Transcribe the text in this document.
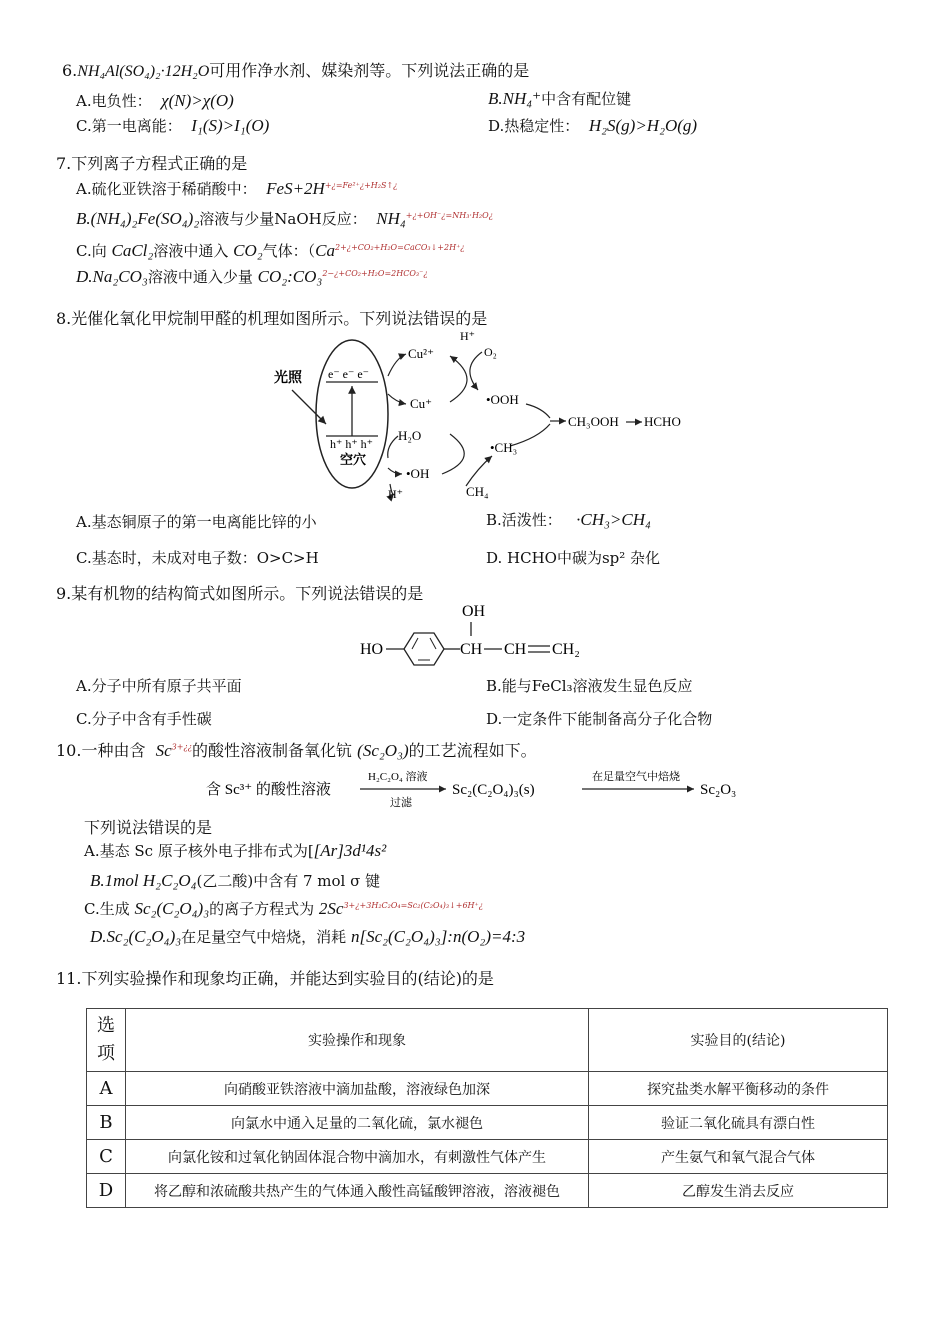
6.NH₄Al(SO₄)₂·12H₂O可用作净水剂、媒染剂等。下列说法正确的是
A.电负性： χ(N)>χ(O)	B.NH₄⁺中含有配位键
C.第一电离能： I₁(S)>I₁(O)	D.热稳定性： H₂S(g)>H₂O(g)
7.下列离子方程式正确的是
A.硫化亚铁溶于稀硝酸中： $FeS+2H^{+¿=Fe^{2+}¿+H_2S↑¿}$
B.(NH₄)₂Fe(SO₄)₂溶液与少量NaOH反应： NH₄$^{+¿+OH^-¿=NH_3\cdot H_2O¿}$
C.向 CaCl₂溶液中通入 CO₂气体：（$Ca^{2+¿+CO_2+H_2O=CaCO_3↓+2H^+¿}$
D.Na₂CO₃溶液中通入少量 CO₂:CO₃$^{2-¿+CO_2+H_2O=2HCO_3^-¿}$
8.光催化氧化甲烷制甲醛的机理如图所示。下列说法错误的是
e⁻ e⁻ e⁻
h⁺ h⁺ h⁺
空穴
光照
Cu²⁺
Cu⁺
H⁺
O₂
•OOH
CH₃OOH HCHO
H₂O
•OH
H⁺
•CH₃
CH₄
A.基态铜原子的第一电离能比锌的小	B.活泼性： ·CH₃>CH₄
C.基态时，未成对电子数：O>C>H	D. HCHO中碳为sp² 杂化
9.某有机物的结构简式如图所示。下列说法错误的是
HO	CH
OH
CH CH₂
A.分子中所有原子共平面	B.能与FeCl₃溶液发生显色反应
C.分子中含有手性碳	D.一定条件下能制备高分子化合物
10.一种由含 $Sc^{3+¿¿}$的酸性溶液制备氧化钪 (Sc₂O₃)的工艺流程如下。
含 Sc³⁺ 的酸性溶液
H₂C₂O₄ 溶液
过滤
Sc₂(C₂O₄)₃(s)
在足量空气中焙烧
Sc₂O₃
下列说法错误的是
A.基态 Sc 原子核外电子排布式为[[Ar]3d¹4s²
B.1mol H₂C₂O₄(乙二酸)中含有 7 mol σ 键
C.生成 Sc₂(C₂O₄)₃的离子方程式为 $2Sc^{3+¿+3H_2C_2O_4=Sc_2(C_2O_4)_3↓+6H^+¿}$
D.Sc₂(C₂O₄)₃在足量空气中焙烧，消耗 n[Sc₂(C₂O₄)₃]:n(O₂)=4:3
11.下列实验操作和现象均正确，并能达到实验目的(结论)的是
选项	实验操作和现象	实验目的(结论)
A	向硝酸亚铁溶液中滴加盐酸，溶液绿色加深	探究盐类水解平衡移动的条件
B	向氯水中通入足量的二氧化硫，氯水褪色	验证二氧化硫具有漂白性
C	向氯化铵和过氧化钠固体混合物中滴加水，有刺激性气体产生	产生氨气和氧气混合气体
D	将乙醇和浓硫酸共热产生的气体通入酸性高锰酸钾溶液，溶液褪色	乙醇发生消去反应
